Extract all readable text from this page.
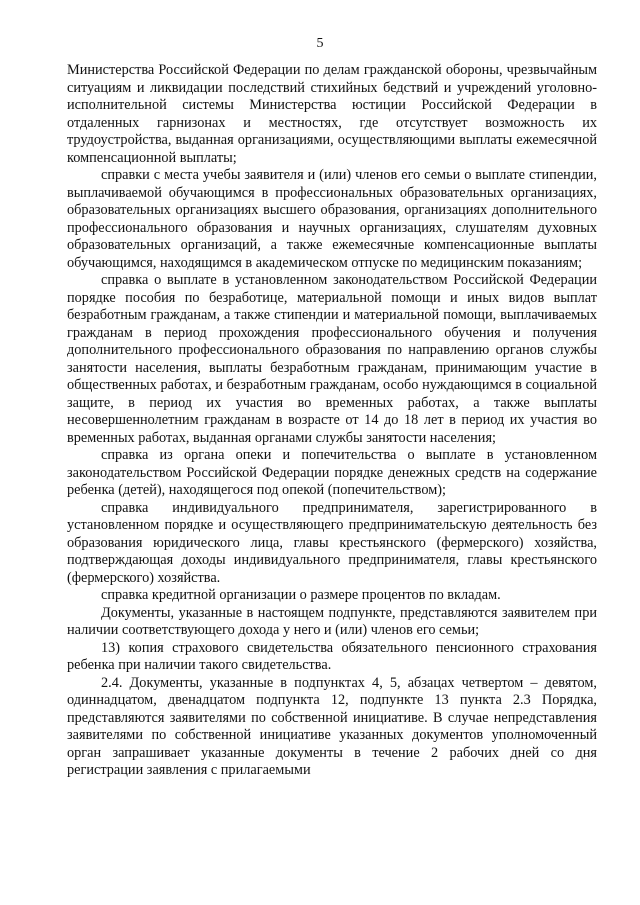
5

Министерства Российской Федерации по делам гражданской обороны, чрезвычайным ситуациям и ликвидации последствий стихийных бедствий и учреждений уголовно-исполнительной системы Министерства юстиции Российской Федерации в отдаленных гарнизонах и местностях, где отсутствует возможность их трудоустройства, выданная организациями, осуществляющими выплаты ежемесячной компенсационной выплаты;

справки с места учебы заявителя и (или) членов его семьи о выплате стипендии, выплачиваемой обучающимся в профессиональных образовательных организациях, образовательных организациях высшего образования, организациях дополнительного профессионального образования и научных организациях, слушателям духовных образовательных организаций, а также ежемесячные компенсационные выплаты обучающимся, находящимся в академическом отпуске по медицинским показаниям;

справка о выплате в установленном законодательством Российской Федерации порядке пособия по безработице, материальной помощи и иных видов выплат безработным гражданам, а также стипендии и материальной помощи, выплачиваемых гражданам в период прохождения профессионального обучения и получения дополнительного профессионального образования по направлению органов службы занятости населения, выплаты безработным гражданам, принимающим участие в общественных работах, и безработным гражданам, особо нуждающимся в социальной защите, в период их участия во временных работах, а также выплаты несовершеннолетним гражданам в возрасте от 14 до 18 лет в период их участия во временных работах, выданная органами службы занятости населения;

справка из органа опеки и попечительства о выплате в установленном законодательством Российской Федерации порядке денежных средств на содержание ребенка (детей), находящегося под опекой (попечительством);

справка индивидуального предпринимателя, зарегистрированного в установленном порядке и осуществляющего предпринимательскую деятельность без образования юридического лица, главы крестьянского (фермерского) хозяйства, подтверждающая доходы индивидуального предпринимателя, главы крестьянского (фермерского) хозяйства.

справка кредитной организации о размере процентов по вкладам.

Документы, указанные в настоящем подпункте, представляются заявителем при наличии соответствующего дохода у него и (или) членов его семьи;

13) копия страхового свидетельства обязательного пенсионного страхования ребенка при наличии такого свидетельства.

2.4. Документы, указанные в подпунктах 4, 5, абзацах четвертом – девятом, одиннадцатом, двенадцатом подпункта 12, подпункте 13 пункта 2.3 Порядка, представляются заявителями по собственной инициативе. В случае непредставления заявителями по собственной инициативе указанных документов уполномоченный орган запрашивает указанные документы в течение 2 рабочих дней со дня регистрации заявления с прилагаемыми
